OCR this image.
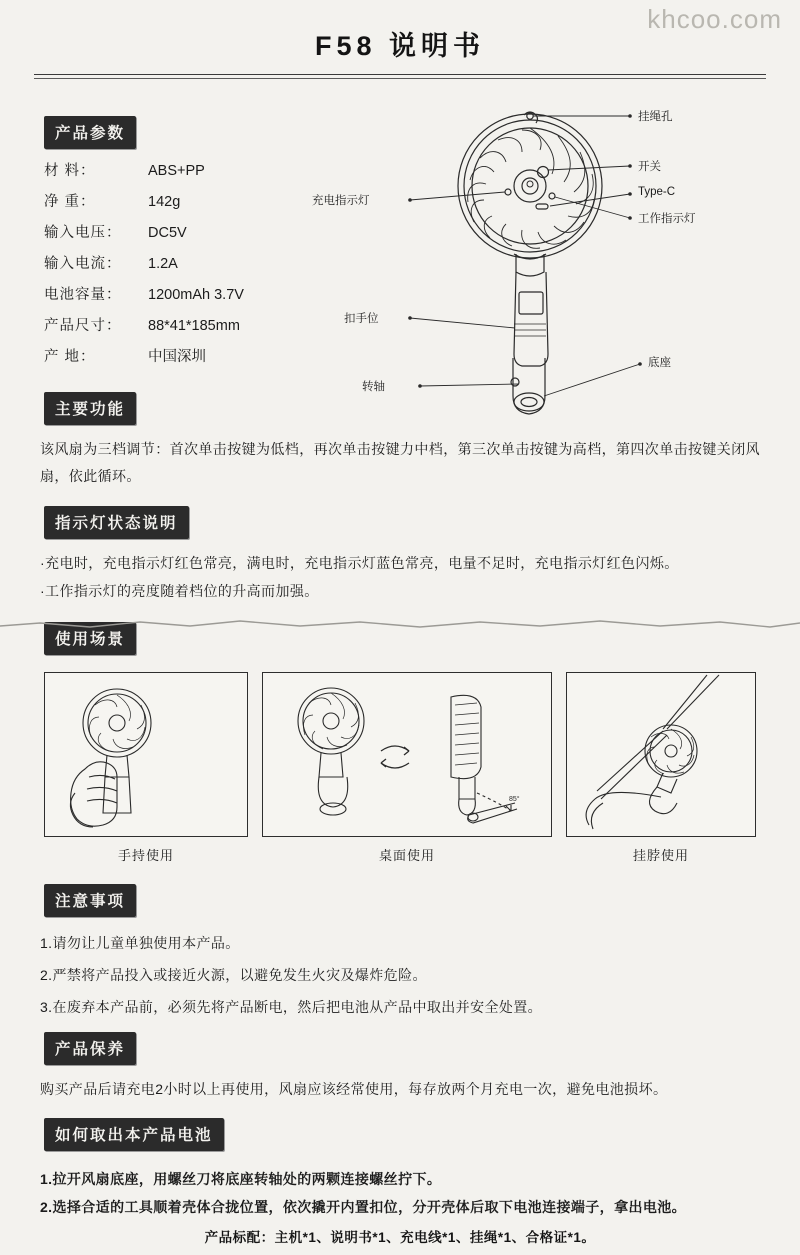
khcoo.com
F58 说明书
产品参数
材 料：	ABS+PP
净 重：	142g
输入电压：	DC5V
输入电流：	1.2A
电池容量：	1200mAh 3.7V
产品尺寸：	88*41*185mm
产 地：	中国深圳
挂绳孔
开关
Type-C
工作指示灯
充电指示灯
扣手位
转轴
底座
主要功能
该风扇为三档调节：首次单击按键为低档，再次单击按键力中档，第三次单击按键为高档，第四次单击按键关闭风扇，依此循环。
指示灯状态说明
·充电时，充电指示灯红色常亮，满电时，充电指示灯蓝色常亮，电量不足时，充电指示灯红色闪烁。
·工作指示灯的亮度随着档位的升高而加强。
使用场景
85°
手持使用	桌面使用	挂脖使用
注意事项
1.请勿让儿童单独使用本产品。
2.严禁将产品投入或接近火源，以避免发生火灾及爆炸危险。
3.在废弃本产品前，必须先将产品断电，然后把电池从产品中取出并安全处置。
产品保养
购买产品后请充电2小时以上再使用，风扇应该经常使用，每存放两个月充电一次，避免电池损坏。
如何取出本产品电池
1.拉开风扇底座，用螺丝刀将底座转轴处的两颗连接螺丝拧下。
2.选择合适的工具顺着壳体合拢位置，依次撬开内置扣位，分开壳体后取下电池连接端子，拿出电池。
产品标配：主机*1、说明书*1、充电线*1、挂绳*1、合格证*1。
